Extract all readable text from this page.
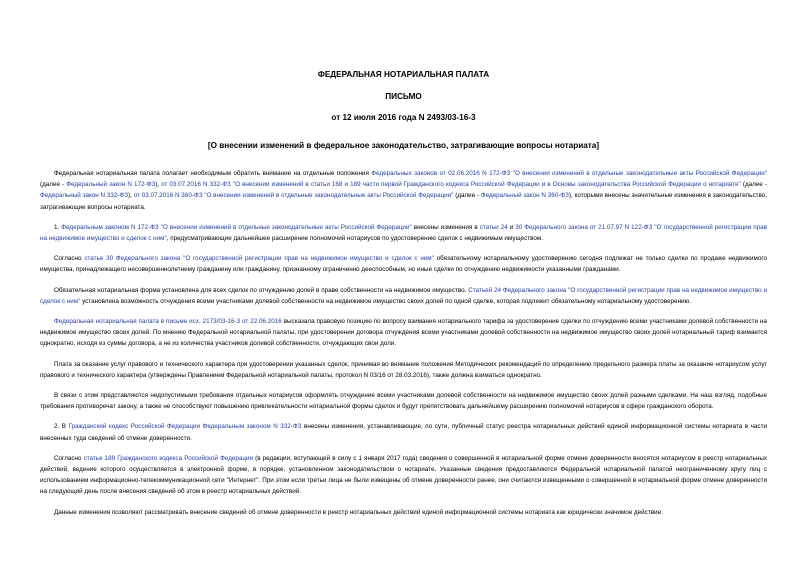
ФЕДЕРАЛЬНАЯ НОТАРИАЛЬНАЯ ПАЛАТА
ПИСЬМО
от 12 июля 2016 года N 2493/03-16-3
[О внесении изменений в федеральное законодательство, затрагивающие вопросы нотариата]

Федеральная нотариальная палата полагает необходимым обратить внимание на отдельные положения Федеральных законов от 02.06.2016 N 172-ФЗ "О внесении изменений в отдельные законодательные акты Российской Федерации" (далее - Федеральный закон N 172-ФЗ), от 03.07.2016 N 332-ФЗ "О внесении изменений в статьи 188 и 189 части первой Гражданского кодекса Российской Федерации и в Основы законодательства Российской Федерации о нотариате" (далее - Федеральный закон N 332-ФЗ), от 03.07.2016 N 360-ФЗ "О внесении изменений в отдельные законодательные акты Российской Федерации" (далее - Федеральный закон N 360-ФЗ), которыми внесены значительные изменения в законодательство, затрагивающие вопросы нотариата.

1. Федеральным законом N 172-ФЗ "О внесении изменений в отдельные законодательные акты Российской Федерации" внесены изменения в статьи 24 и 30 Федерального закона от 21.07.97 N 122-ФЗ "О государственной регистрации прав на недвижимое имущество и сделок с ним", предусматривающие дальнейшее расширение полномочий нотариусов по удостоверению сделок с недвижимым имуществом.

Согласно статье 30 Федерального закона "О государственной регистрации прав на недвижимое имущество и сделок с ним" обязательному нотариальному удостоверению сегодня подлежат не только сделки по продаже недвижимого имущества, принадлежащего несовершеннолетнему гражданину или гражданину, признанному ограниченно дееспособным, но иные сделки по отчуждению недвижимости указанными гражданами.

Обязательная нотариальная форма установлена для всех сделок по отчуждению долей в праве собственности на недвижимое имущество. Статьей 24 Федерального закона "О государственной регистрации прав на недвижимое имущество и сделок с ним" установлена возможность отчуждения всеми участниками долевой собственности на недвижимое имущество своих долей по одной сделке, которая подлежит обязательному нотариальному удостоверению.

Федеральная нотариальная палата в письме исх. 2173/03-16-3 от 22.06.2016 высказала правовую позицию по вопросу взимания нотариального тарифа за удостоверение сделки по отчуждению всеми участниками долевой собственности на недвижимое имущество своих долей. По мнению Федеральной нотариальной палаты, при удостоверении договора отчуждения всеми участниками долевой собственности на недвижимое имущество своих долей нотариальный тариф взимается однократно, исходя из суммы договора, а не из количества участников долевой собственности, отчуждающих свои доли.

Плата за оказание услуг правового и технического характера при удостоверении указанных сделок, принимая во внимание положения Методических рекомендаций по определению предельного размера платы за оказание нотариусом услуг правового и технического характера (утверждены Правлением Федеральной нотариальной палаты, протокол N 03/16 от 28.03.2016), также должна взиматься однократно.

В связи с этим представляются недопустимыми требования отдельных нотариусов оформлять отчуждение всеми участниками долевой собственности на недвижимое имущество своих долей разными сделками. На наш взгляд, подобные требования противоречат закону, а также не способствуют повышению привлекательности нотариальной формы сделок и будут препятствовать дальнейшему расширению полномочий нотариусов в сфере гражданского оборота.

2. В Гражданский кодекс Российской Федерации Федеральным законом N 332-ФЗ внесены изменения, устанавливающие, по сути, публичный статус реестра нотариальных действий единой информационной системы нотариата в части внесенных туда сведений об отмене доверенности.

Согласно статье 189 Гражданского кодекса Российской Федерации (в редакции, вступающей в силу с 1 января 2017 года) сведения о совершенной в нотариальной форме отмене доверенности вносятся нотариусом в реестр нотариальных действий, ведение которого осуществляется в электронной форме, в порядке, установленном законодательством о нотариате. Указанные сведения предоставляются Федеральной нотариальной палатой неограниченному кругу лиц с использованием информационно-телекоммуникационной сети "Интернет". При этом если третьи лица не были извещены об отмене доверенности ранее, они считаются извещенными о совершенной в нотариальной форме отмене доверенности на следующий день после внесения сведений об этом в реестр нотариальных действий.

Данные изменения позволяют рассматривать внесение сведений об отмене доверенности в реестр нотариальных действий единой информационной системы нотариата как юридически значимое действие.
